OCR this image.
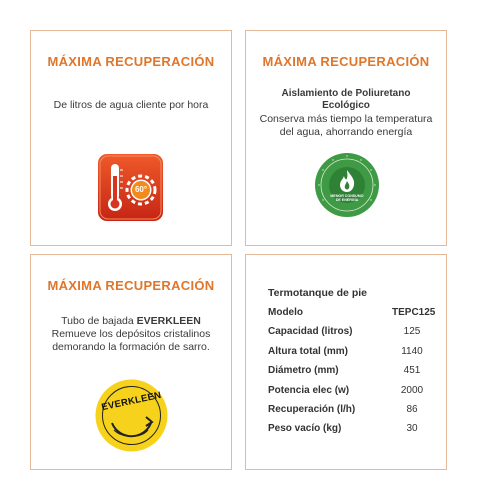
MÁXIMA RECUPERACIÓN
De litros de agua cliente por hora
60°
MÁXIMA RECUPERACIÓN
Aislamiento de Poliuretano Ecológico
Conserva más tiempo la temperatura del agua, ahorrando energía
MENOR CONSUMO DE ENERGÍA
MÁXIMA RECUPERACIÓN
Tubo de bajada EVERKLEEN Remueve los depósitos cristalinos demorando la formación de sarro.
EVERKLEEN
Termotanque de pie
Modelo	TEPC125
Capacidad (litros)	125
Altura total (mm)	1140
Diámetro (mm)	451
Potencia elec (w)	2000
Recuperación (l/h)	86
Peso vacío (kg)	30
